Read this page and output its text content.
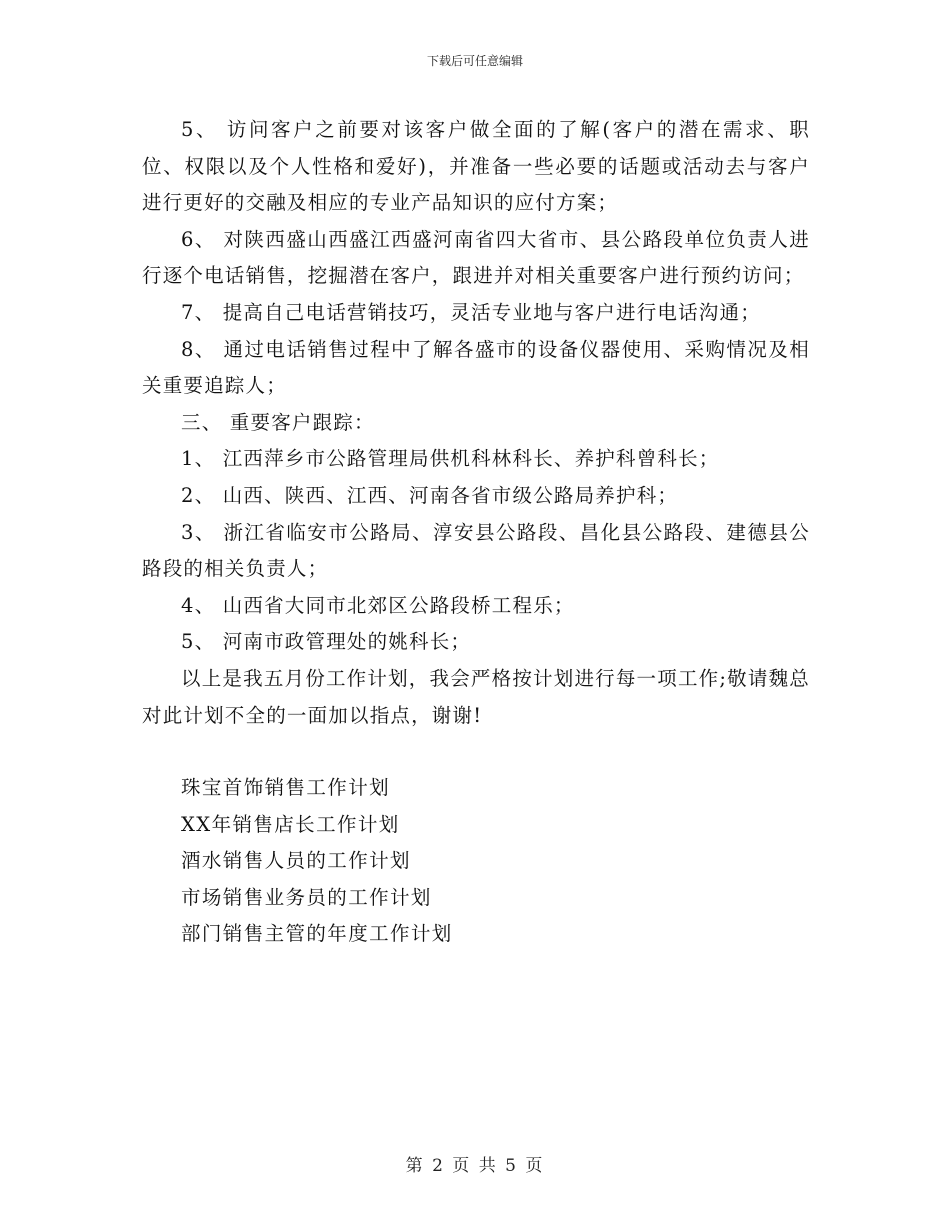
下载后可任意编辑

5、 访问客户之前要对该客户做全面的了解(客户的潜在需求、职位、权限以及个人性格和爱好)，并准备一些必要的话题或活动去与客户进行更好的交融及相应的专业产品知识的应付方案；

6、 对陕西盛山西盛江西盛河南省四大省市、县公路段单位负责人进行逐个电话销售，挖掘潜在客户，跟进并对相关重要客户进行预约访问；

7、 提高自己电话营销技巧，灵活专业地与客户进行电话沟通；

8、 通过电话销售过程中了解各盛市的设备仪器使用、采购情况及相关重要追踪人；

三、 重要客户跟踪：

1、 江西萍乡市公路管理局供机科林科长、养护科曾科长；

2、 山西、陕西、江西、河南各省市级公路局养护科；

3、 浙江省临安市公路局、淳安县公路段、昌化县公路段、建德县公路段的相关负责人；

4、 山西省大同市北郊区公路段桥工程乐；

5、 河南市政管理处的姚科长；

以上是我五月份工作计划，我会严格按计划进行每一项工作;敬请魏总对此计划不全的一面加以指点，谢谢!

珠宝首饰销售工作计划

XX年销售店长工作计划

酒水销售人员的工作计划

市场销售业务员的工作计划

部门销售主管的年度工作计划

第 2 页 共 5 页
